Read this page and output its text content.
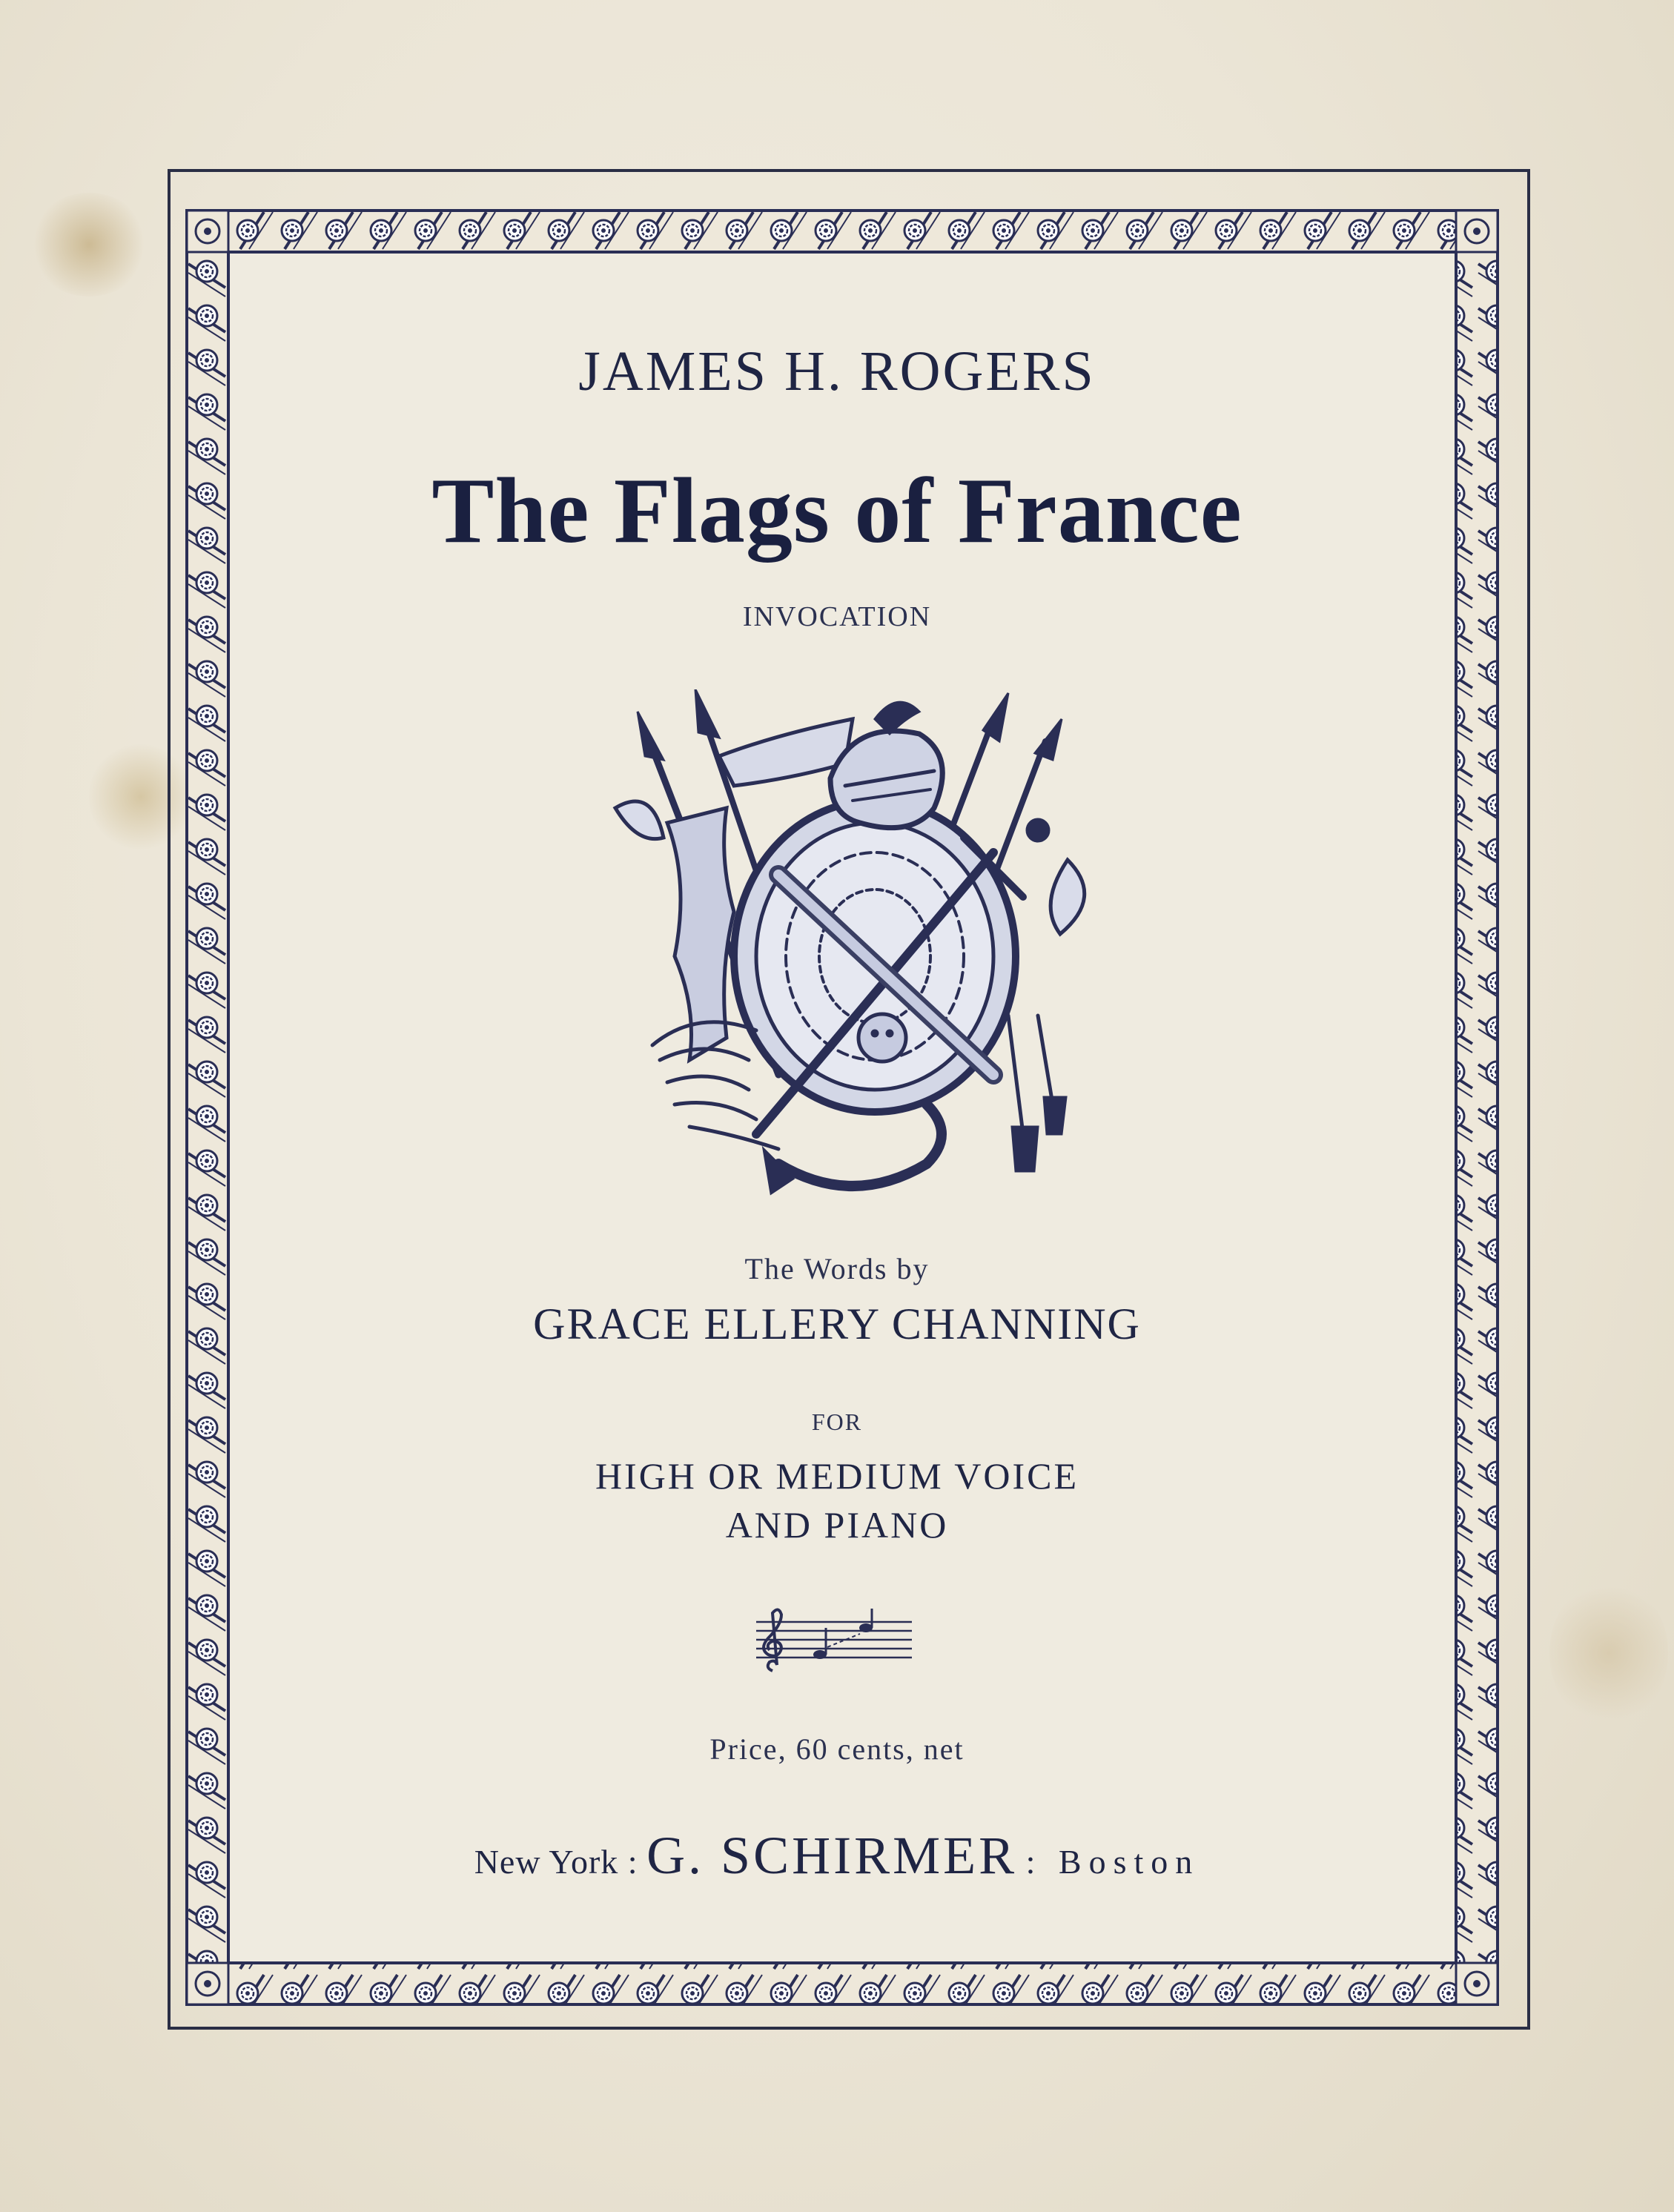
JAMES H. ROGERS
The Flags of France
INVOCATION
The Words by
GRACE ELLERY CHANNING
FOR
HIGH OR MEDIUM VOICE
AND PIANO
Price, 60 cents, net
New York : G. SCHIRMER : Boston
